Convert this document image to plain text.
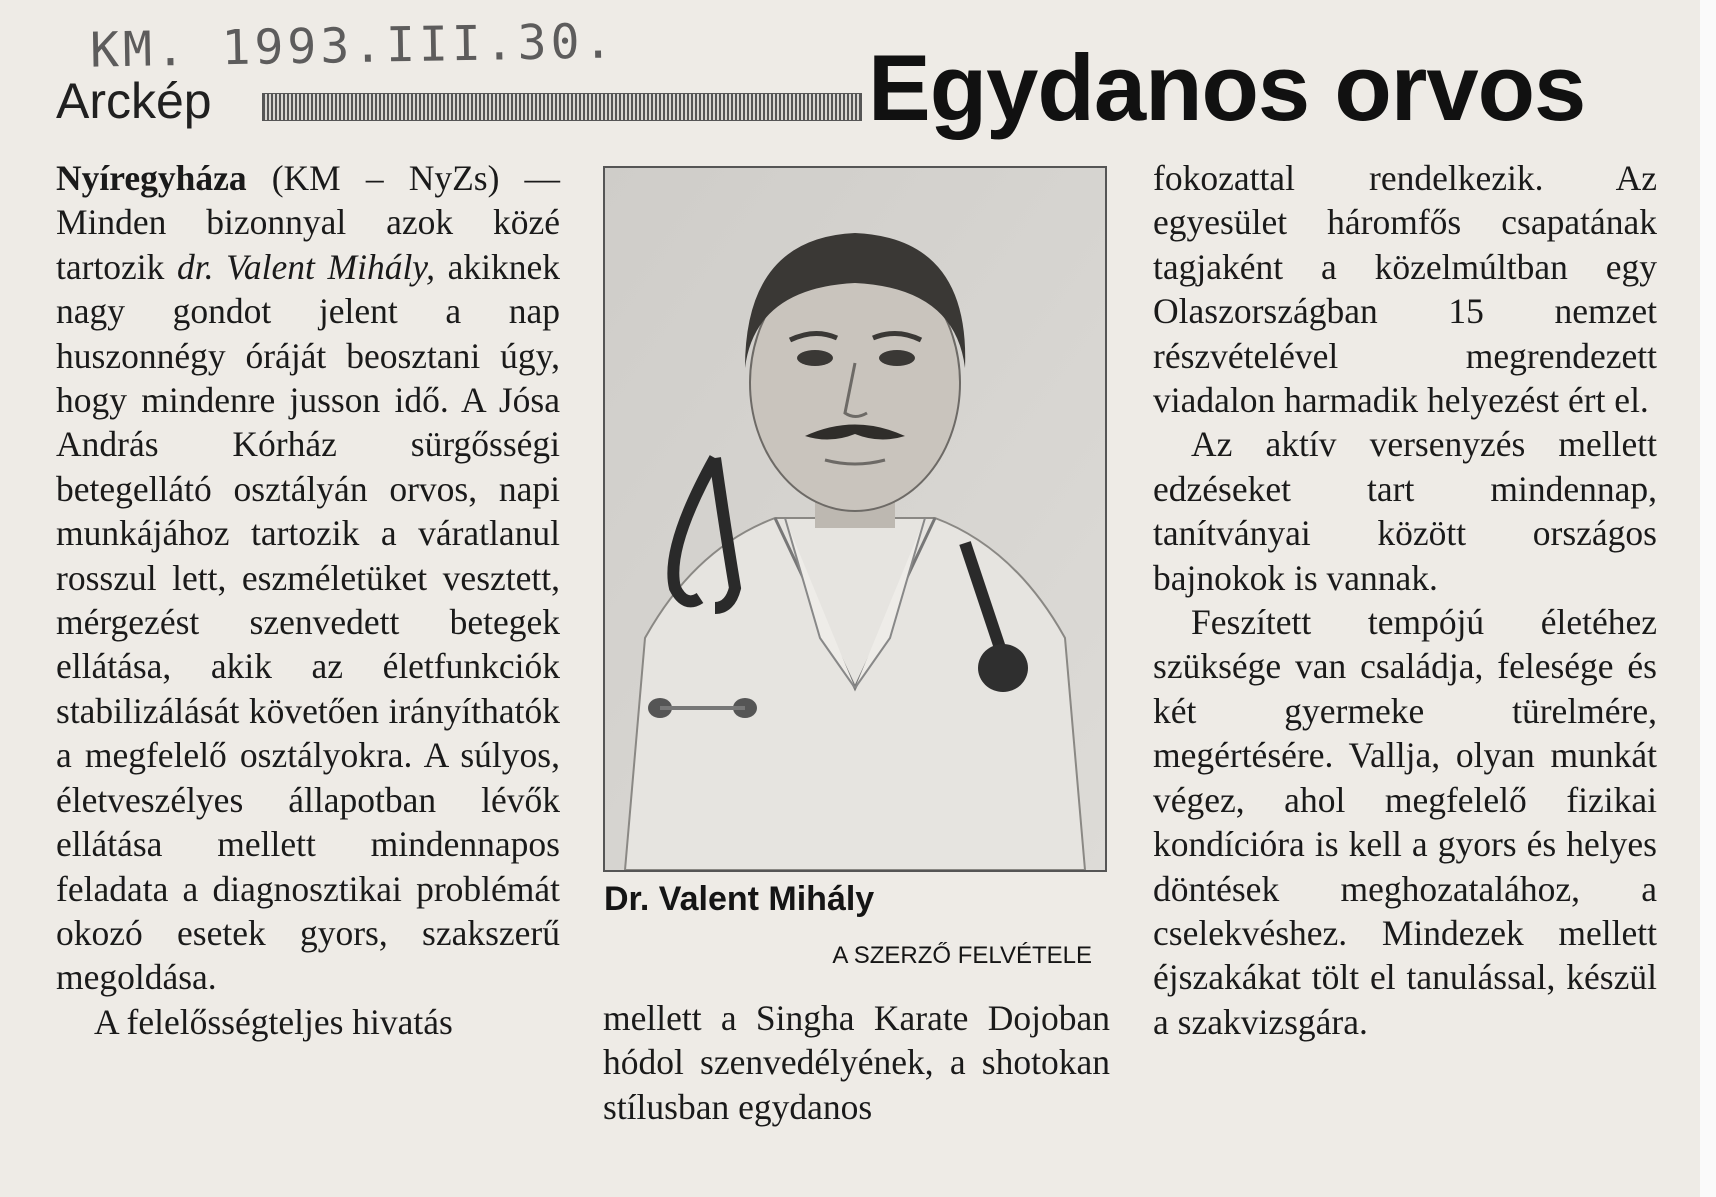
KM. 1993.III.30.
Arckép	Egydanos orvos

Nyíregyháza (KM – NyZs) — Minden bizonnyal azok közé tartozik dr. Valent Mihály, akiknek nagy gondot jelent a nap huszonnégy óráját beosztani úgy, hogy mindenre jusson idő. A Jósa András Kórház sürgősségi betegellátó osztályán orvos, napi munkájához tartozik a váratlanul rosszul lett, eszméletüket vesztett, mérgezést szenvedett betegek ellátása, akik az életfunkciók stabilizálását követően irányíthatók a megfelelő osztályokra. A súlyos, életveszélyes állapotban lévők ellátása mellett mindennapos feladata a diagnosztikai problémát okozó esetek gyors, szakszerű megoldása.

A felelősségteljes hivatás

Dr. Valent Mihály
A SZERZŐ FELVÉTELE

mellett a Singha Karate Dojoban hódol szenvedélyének, a shotokan stílusban egydanos

fokozattal rendelkezik. Az egyesület háromfős csapatának tagjaként a közelmúltban egy Olaszországban 15 nemzet részvételével megrendezett viadalon harmadik helyezést ért el.

Az aktív versenyzés mellett edzéseket tart mindennap, tanítványai között országos bajnokok is vannak.

Feszített tempójú életéhez szüksége van családja, felesége és két gyermeke türelmére, megértésére. Vallja, olyan munkát végez, ahol megfelelő fizikai kondícióra is kell a gyors és helyes döntések meghozatalához, a cselekvéshez. Mindezek mellett éjszakákat tölt el tanulással, készül a szakvizsgára.
